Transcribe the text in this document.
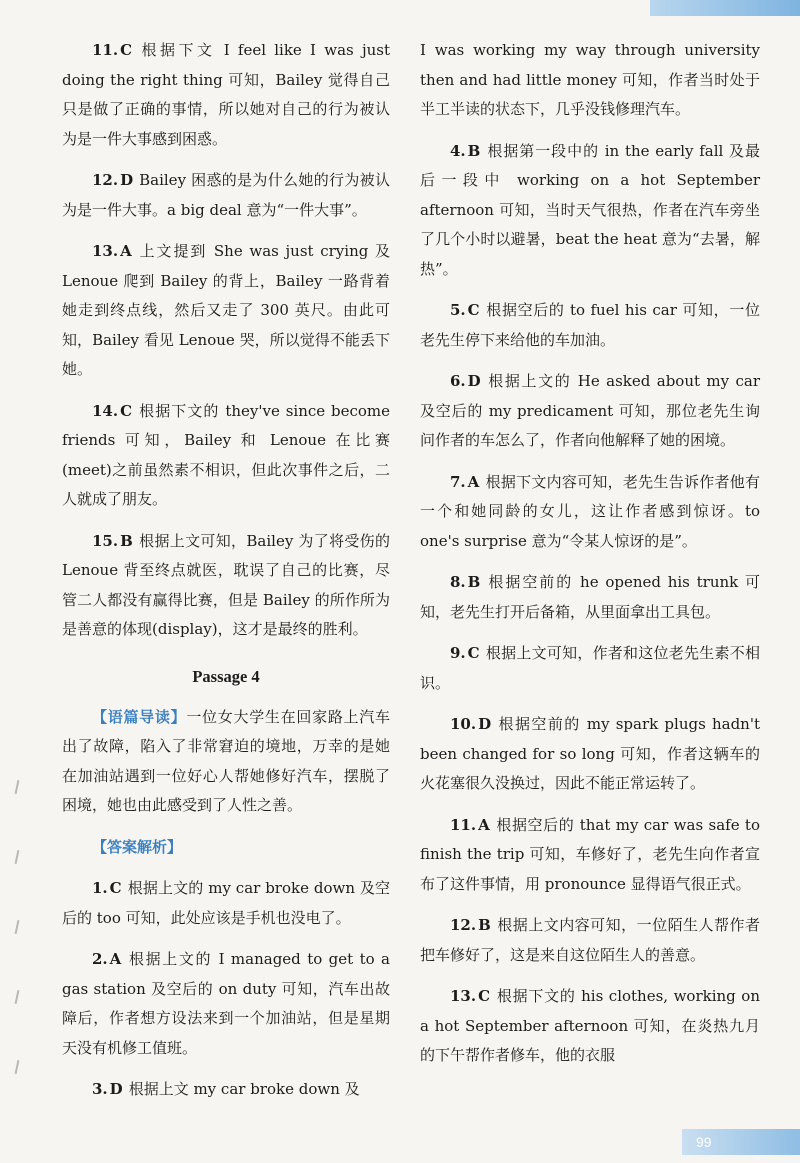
11. C 根据下文 I feel like I was just doing the right thing 可知，Bailey 觉得自己只是做了正确的事情，所以她对自己的行为被认为是一件大事感到困惑。

12. D Bailey 困惑的是为什么她的行为被认为是一件大事。a big deal 意为“一件大事”。

13. A 上文提到 She was just crying 及 Lenoue 爬到 Bailey 的背上，Bailey 一路背着她走到终点线，然后又走了 300 英尺。由此可知，Bailey 看见 Lenoue 哭，所以觉得不能丢下她。

14. C 根据下文的 they've since become friends 可知，Bailey 和 Lenoue 在比赛(meet)之前虽然素不相识，但此次事件之后，二人就成了朋友。

15. B 根据上文可知，Bailey 为了将受伤的 Lenoue 背至终点就医，耽误了自己的比赛，尽管二人都没有赢得比赛，但是 Bailey 的所作所为是善意的体现(display)，这才是最终的胜利。

Passage 4

【语篇导读】一位女大学生在回家路上汽车出了故障，陷入了非常窘迫的境地，万幸的是她在加油站遇到一位好心人帮她修好汽车，摆脱了困境，她也由此感受到了人性之善。

【答案解析】

1. C 根据上文的 my car broke down 及空后的 too 可知，此处应该是手机也没电了。

2. A 根据上文的 I managed to get to a gas station 及空后的 on duty 可知，汽车出故障后，作者想方设法来到一个加油站，但是星期天没有机修工值班。

3. D 根据上文 my car broke down 及

I was working my way through university then and had little money 可知，作者当时处于半工半读的状态下，几乎没钱修理汽车。

4. B 根据第一段中的 in the early fall 及最后一段中 working on a hot September afternoon 可知，当时天气很热，作者在汽车旁坐了几个小时以避暑，beat the heat 意为“去暑，解热”。

5. C 根据空后的 to fuel his car 可知，一位老先生停下来给他的车加油。

6. D 根据上文的 He asked about my car 及空后的 my predicament 可知，那位老先生询问作者的车怎么了，作者向他解释了她的困境。

7. A 根据下文内容可知，老先生告诉作者他有一个和她同龄的女儿，这让作者感到惊讶。to one's surprise 意为“令某人惊讶的是”。

8. B 根据空前的 he opened his trunk 可知，老先生打开后备箱，从里面拿出工具包。

9. C 根据上文可知，作者和这位老先生素不相识。

10. D 根据空前的 my spark plugs hadn't been changed for so long 可知，作者这辆车的火花塞很久没换过，因此不能正常运转了。

11. A 根据空后的 that my car was safe to finish the trip 可知，车修好了，老先生向作者宣布了这件事情，用 pronounce 显得语气很正式。

12. B 根据上文内容可知，一位陌生人帮作者把车修好了，这是来自这位陌生人的善意。

13. C 根据下文的 his clothes, working on a hot September afternoon 可知，在炎热九月的下午帮作者修车，他的衣服

99
